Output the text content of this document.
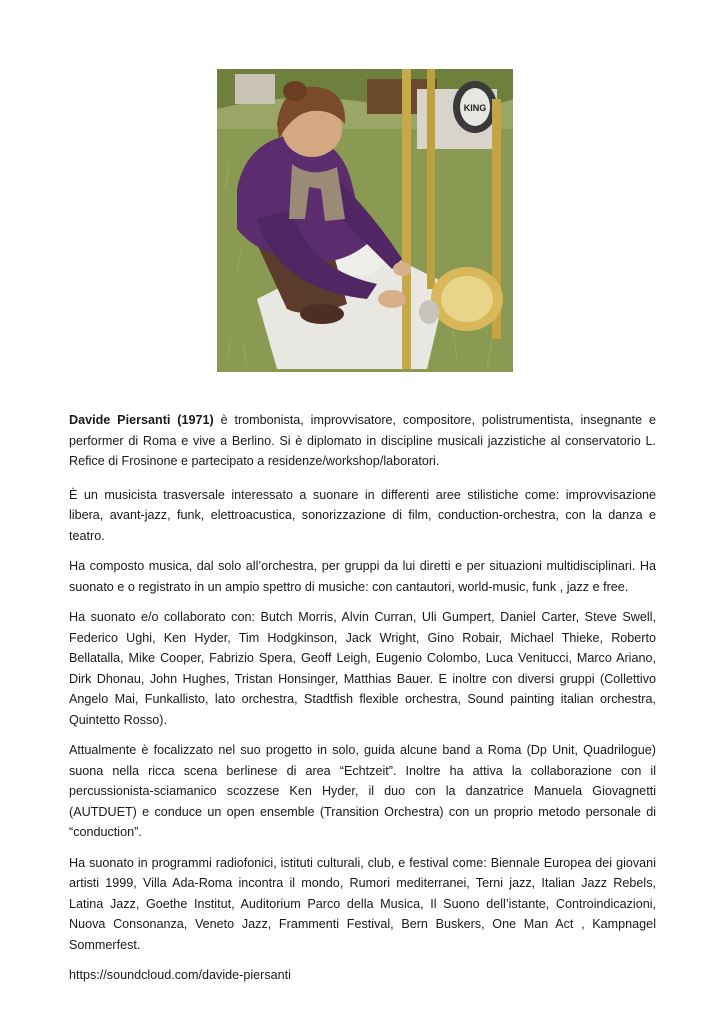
KING

Davide Piersanti (1971) è trombonista, improvvisatore, compositore, polistrumentista, insegnante e performer di Roma e vive a Berlino. Si è diplomato in discipline musicali jazzistiche al conservatorio L. Refice di Frosinone e partecipato a residenze/workshop/laboratori.

È un musicista trasversale interessato a suonare in differenti aree stilistiche come: improvvisazione libera, avant-jazz, funk, elettroacustica, sonorizzazione di film, conduction-orchestra, con la danza e teatro.

Ha composto musica, dal solo all’orchestra, per gruppi da lui diretti e per situazioni multidisciplinari. Ha suonato e o registrato in un ampio spettro di musiche: con cantautori, world-music, funk , jazz e free.

Ha suonato e/o collaborato con: Butch Morris, Alvin Curran, Uli Gumpert, Daniel Carter, Steve Swell, Federico Ughi, Ken Hyder, Tim Hodgkinson, Jack Wright, Gino Robair, Michael Thieke, Roberto Bellatalla, Mike Cooper, Fabrizio Spera, Geoff Leigh, Eugenio Colombo, Luca Venitucci, Marco Ariano, Dirk Dhonau, John Hughes, Tristan Honsinger, Matthias Bauer. E inoltre con diversi gruppi (Collettivo Angelo Mai, Funkallisto, lato orchestra, Stadtfish flexible orchestra, Sound painting italian orchestra, Quintetto Rosso).

Attualmente è focalizzato nel suo progetto in solo, guida alcune band a Roma (Dp Unit, Quadrilogue) suona nella ricca scena berlinese di area “Echtzeit”. Inoltre ha attiva la collaborazione con il percussionista-sciamanico scozzese Ken Hyder, il duo con la danzatrice Manuela Giovagnetti (AUTDUET) e conduce un open ensemble (Transition Orchestra) con un proprio metodo personale di “conduction”.

Ha suonato in programmi radiofonici, istituti culturali, club, e festival come: Biennale Europea dei giovani artisti 1999, Villa Ada-Roma incontra il mondo, Rumori mediterranei, Terni jazz, Italian Jazz Rebels, Latina Jazz, Goethe Institut, Auditorium Parco della Musica, Il Suono dell’istante, Controindicazioni, Nuova Consonanza, Veneto Jazz, Frammenti Festival, Bern Buskers, One Man Act , Kampnagel Sommerfest.

https://soundcloud.com/davide-piersanti
